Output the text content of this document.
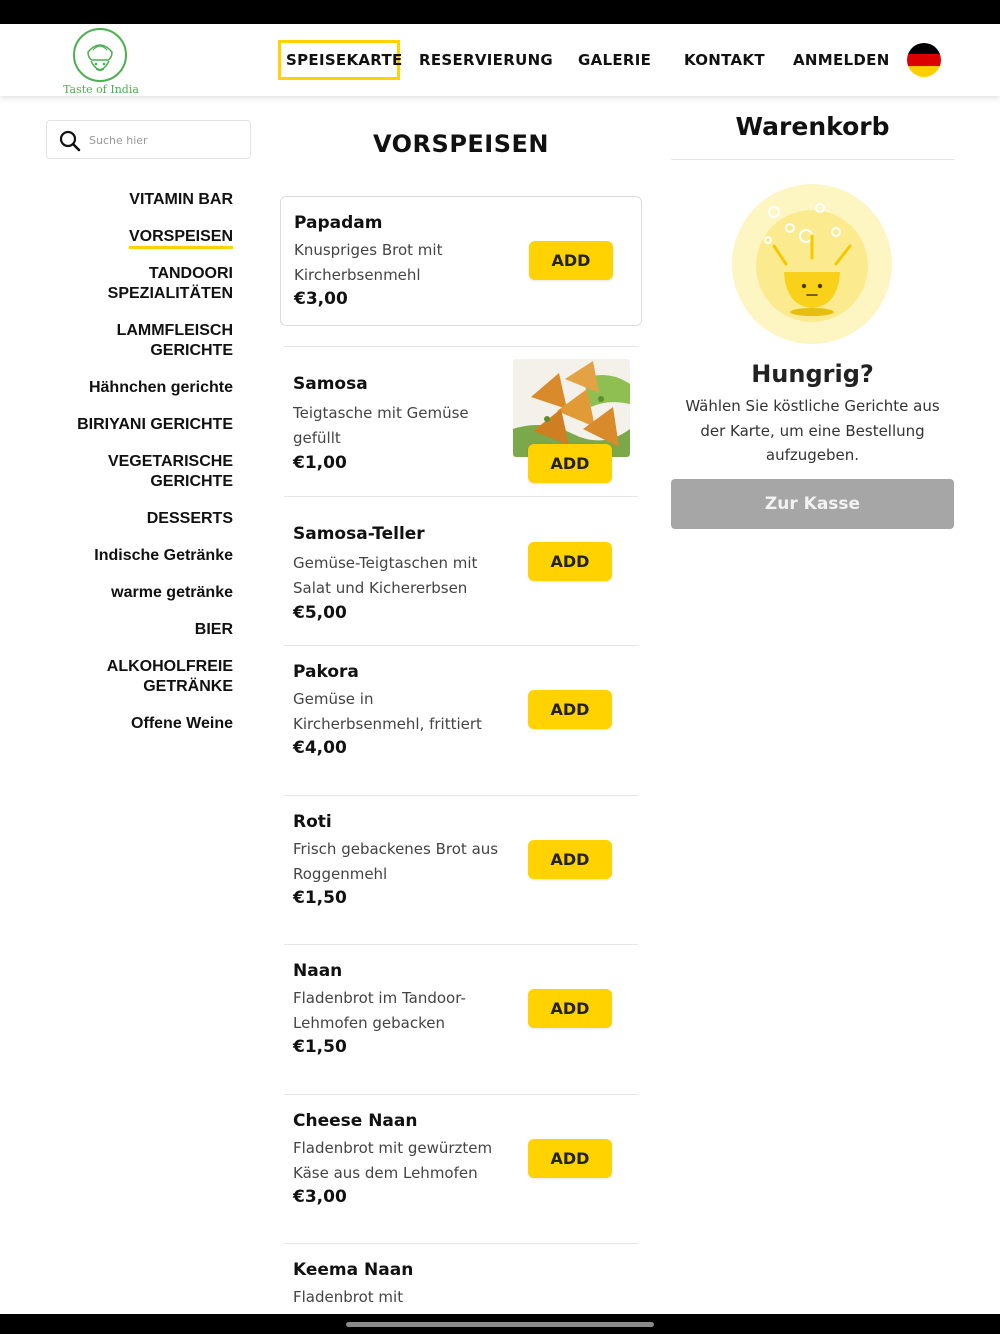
Taste of India
SPEISEKARTE RESERVIERUNG GALERIE KONTAKT ANMELDEN
Suche hier
VITAMIN BAR
VORSPEISEN
TANDOORI SPEZIALITÄTEN
LAMMFLEISCH GERICHTE
Hähnchen gerichte
BIRIYANI GERICHTE
VEGETARISCHE GERICHTE
DESSERTS
Indische Getränke
warme getränke
BIER
ALKOHOLFREIE GETRÄNKE
Offene Weine
VORSPEISEN
Papadam
Knuspriges Brot mit Kircherbsenmehl
€3,00
ADD
Samosa
Teigtasche mit Gemüse gefüllt
€1,00	ADD
Samosa-Teller
Gemüse-Teigtaschen mit Salat und Kichererbsen
€5,00
ADD
Pakora
Gemüse in Kircherbsenmehl, frittiert
€4,00
ADD
Roti
Frisch gebackenes Brot aus Roggenmehl
€1,50
ADD
Naan
Fladenbrot im Tandoor-Lehmofen gebacken
€1,50
ADD
Cheese Naan
Fladenbrot mit gewürztem Käse aus dem Lehmofen
€3,00
ADD
Keema Naan
Fladenbrot mit
Warenkorb
Hungrig?

Wählen Sie köstliche Gerichte aus der Karte, um eine Bestellung aufzugeben.

Zur Kasse
